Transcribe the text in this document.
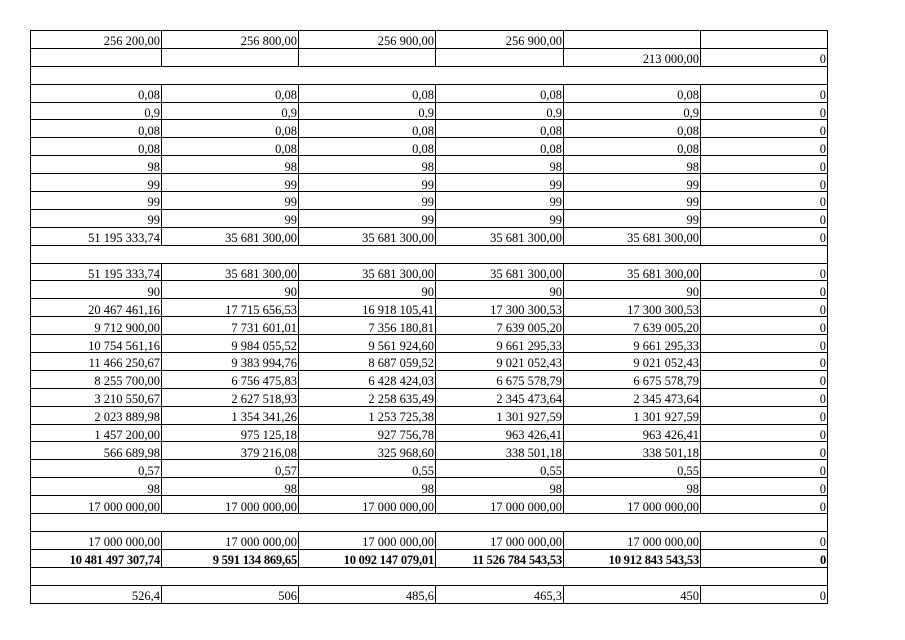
256 200,00	256 800,00	256 900,00	256 900,00		
				213 000,00	0

0,08	0,08	0,08	0,08	0,08	0
0,9	0,9	0,9	0,9	0,9	0
0,08	0,08	0,08	0,08	0,08	0
0,08	0,08	0,08	0,08	0,08	0
98	98	98	98	98	0
99	99	99	99	99	0
99	99	99	99	99	0
99	99	99	99	99	0
51 195 333,74	35 681 300,00	35 681 300,00	35 681 300,00	35 681 300,00	0

51 195 333,74	35 681 300,00	35 681 300,00	35 681 300,00	35 681 300,00	0
90	90	90	90	90	0
20 467 461,16	17 715 656,53	16 918 105,41	17 300 300,53	17 300 300,53	0
9 712 900,00	7 731 601,01	7 356 180,81	7 639 005,20	7 639 005,20	0
10 754 561,16	9 984 055,52	9 561 924,60	9 661 295,33	9 661 295,33	0
11 466 250,67	9 383 994,76	8 687 059,52	9 021 052,43	9 021 052,43	0
8 255 700,00	6 756 475,83	6 428 424,03	6 675 578,79	6 675 578,79	0
3 210 550,67	2 627 518,93	2 258 635,49	2 345 473,64	2 345 473,64	0
2 023 889,98	1 354 341,26	1 253 725,38	1 301 927,59	1 301 927,59	0
1 457 200,00	975 125,18	927 756,78	963 426,41	963 426,41	0
566 689,98	379 216,08	325 968,60	338 501,18	338 501,18	0
0,57	0,57	0,55	0,55	0,55	0
98	98	98	98	98	0
17 000 000,00	17 000 000,00	17 000 000,00	17 000 000,00	17 000 000,00	0

17 000 000,00	17 000 000,00	17 000 000,00	17 000 000,00	17 000 000,00	0
10 481 497 307,74	9 591 134 869,65	10 092 147 079,01	11 526 784 543,53	10 912 843 543,53	0

526,4	506	485,6	465,3	450	0
